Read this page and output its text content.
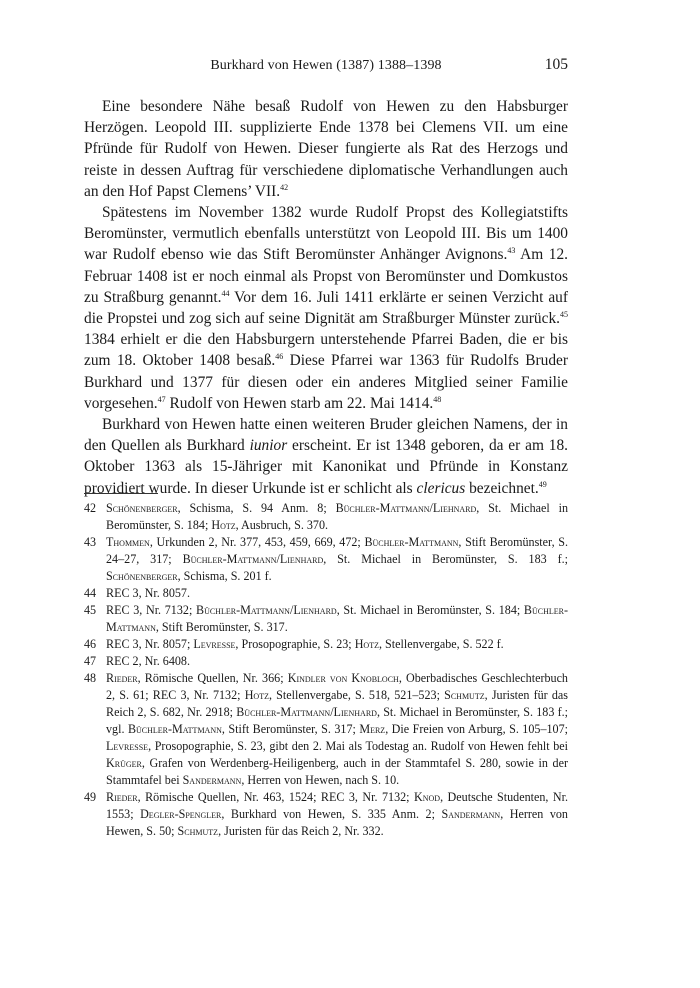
Burkhard von Hewen (1387) 1388–1398	105

Eine besondere Nähe besaß Rudolf von Hewen zu den Habsburger Herzögen. Leopold III. supplizierte Ende 1378 bei Clemens VII. um eine Pfründe für Rudolf von Hewen. Dieser fungierte als Rat des Herzogs und reiste in dessen Auftrag für verschiedene diplomatische Verhandlungen auch an den Hof Papst Clemens’ VII.$^{42}$

Spätestens im November 1382 wurde Rudolf Propst des Kollegiatstifts Beromünster, vermutlich ebenfalls unterstützt von Leopold III. Bis um 1400 war Rudolf ebenso wie das Stift Beromünster Anhänger Avignons.$^{43}$ Am 12. Februar 1408 ist er noch einmal als Propst von Beromünster und Domkustos zu Straßburg genannt.$^{44}$ Vor dem 16. Juli 1411 erklärte er seinen Verzicht auf die Propstei und zog sich auf seine Dignität am Straßburger Münster zurück.$^{45}$ 1384 erhielt er die den Habsburgern unterstehende Pfarrei Baden, die er bis zum 18. Oktober 1408 besaß.$^{46}$ Diese Pfarrei war 1363 für Rudolfs Bruder Burkhard und 1377 für diesen oder ein anderes Mitglied seiner Familie vorgesehen.$^{47}$ Rudolf von Hewen starb am 22. Mai 1414.48

Burkhard von Hewen hatte einen weiteren Bruder gleichen Namens, der in den Quellen als Burkhard iunior erscheint. Er ist 1348 geboren, da er am 18. Oktober 1363 als 15-Jähriger mit Kanonikat und Pfründe in Konstanz providiert wurde. In dieser Urkunde ist er schlicht als clericus bezeichnet.$^{49}$

42 Schönenberger, Schisma, S. 94 Anm. 8; Büchler-Mattmann/Liehnard, St. Michael in Beromünster, S. 184; Hotz, Ausbruch, S. 370.
43 Thommen, Urkunden 2, Nr. 377, 453, 459, 669, 472; Büchler-Mattmann, Stift Beromünster, S. 24–27, 317; Büchler-Mattmann/Lienhard, St. Michael in Beromünster, S. 183 f.; Schönenberger, Schisma, S. 201 f.
44 REC 3, Nr. 8057.
45 REC 3, Nr. 7132; Büchler-Mattmann/Lienhard, St. Michael in Beromünster, S. 184; Büchler-Mattmann, Stift Beromünster, S. 317.
46 REC 3, Nr. 8057; Levresse, Prosopographie, S. 23; Hotz, Stellenvergabe, S. 522 f.
47 REC 2, Nr. 6408.
48 Rieder, Römische Quellen, Nr. 366; Kindler von Knobloch, Oberbadisches Geschlechterbuch 2, S. 61; REC 3, Nr. 7132; Hotz, Stellenvergabe, S. 518, 521–523; Schmutz, Juristen für das Reich 2, S. 682, Nr. 2918; Büchler-Mattmann/Lienhard, St. Michael in Beromünster, S. 183 f.; vgl. Büchler-Mattmann, Stift Beromünster, S. 317; Merz, Die Freien von Arburg, S. 105–107; Levresse, Prosopographie, S. 23, gibt den 2. Mai als Todestag an. Rudolf von Hewen fehlt bei Krüger, Grafen von Werdenberg-Heiligenberg, auch in der Stammtafel S. 280, sowie in der Stammtafel bei Sandermann, Herren von Hewen, nach S. 10.
49 Rieder, Römische Quellen, Nr. 463, 1524; REC 3, Nr. 7132; Knod, Deutsche Studenten, Nr. 1553; Degler-Spengler, Burkhard von Hewen, S. 335 Anm. 2; Sandermann, Herren von Hewen, S. 50; Schmutz, Juristen für das Reich 2, Nr. 332.
